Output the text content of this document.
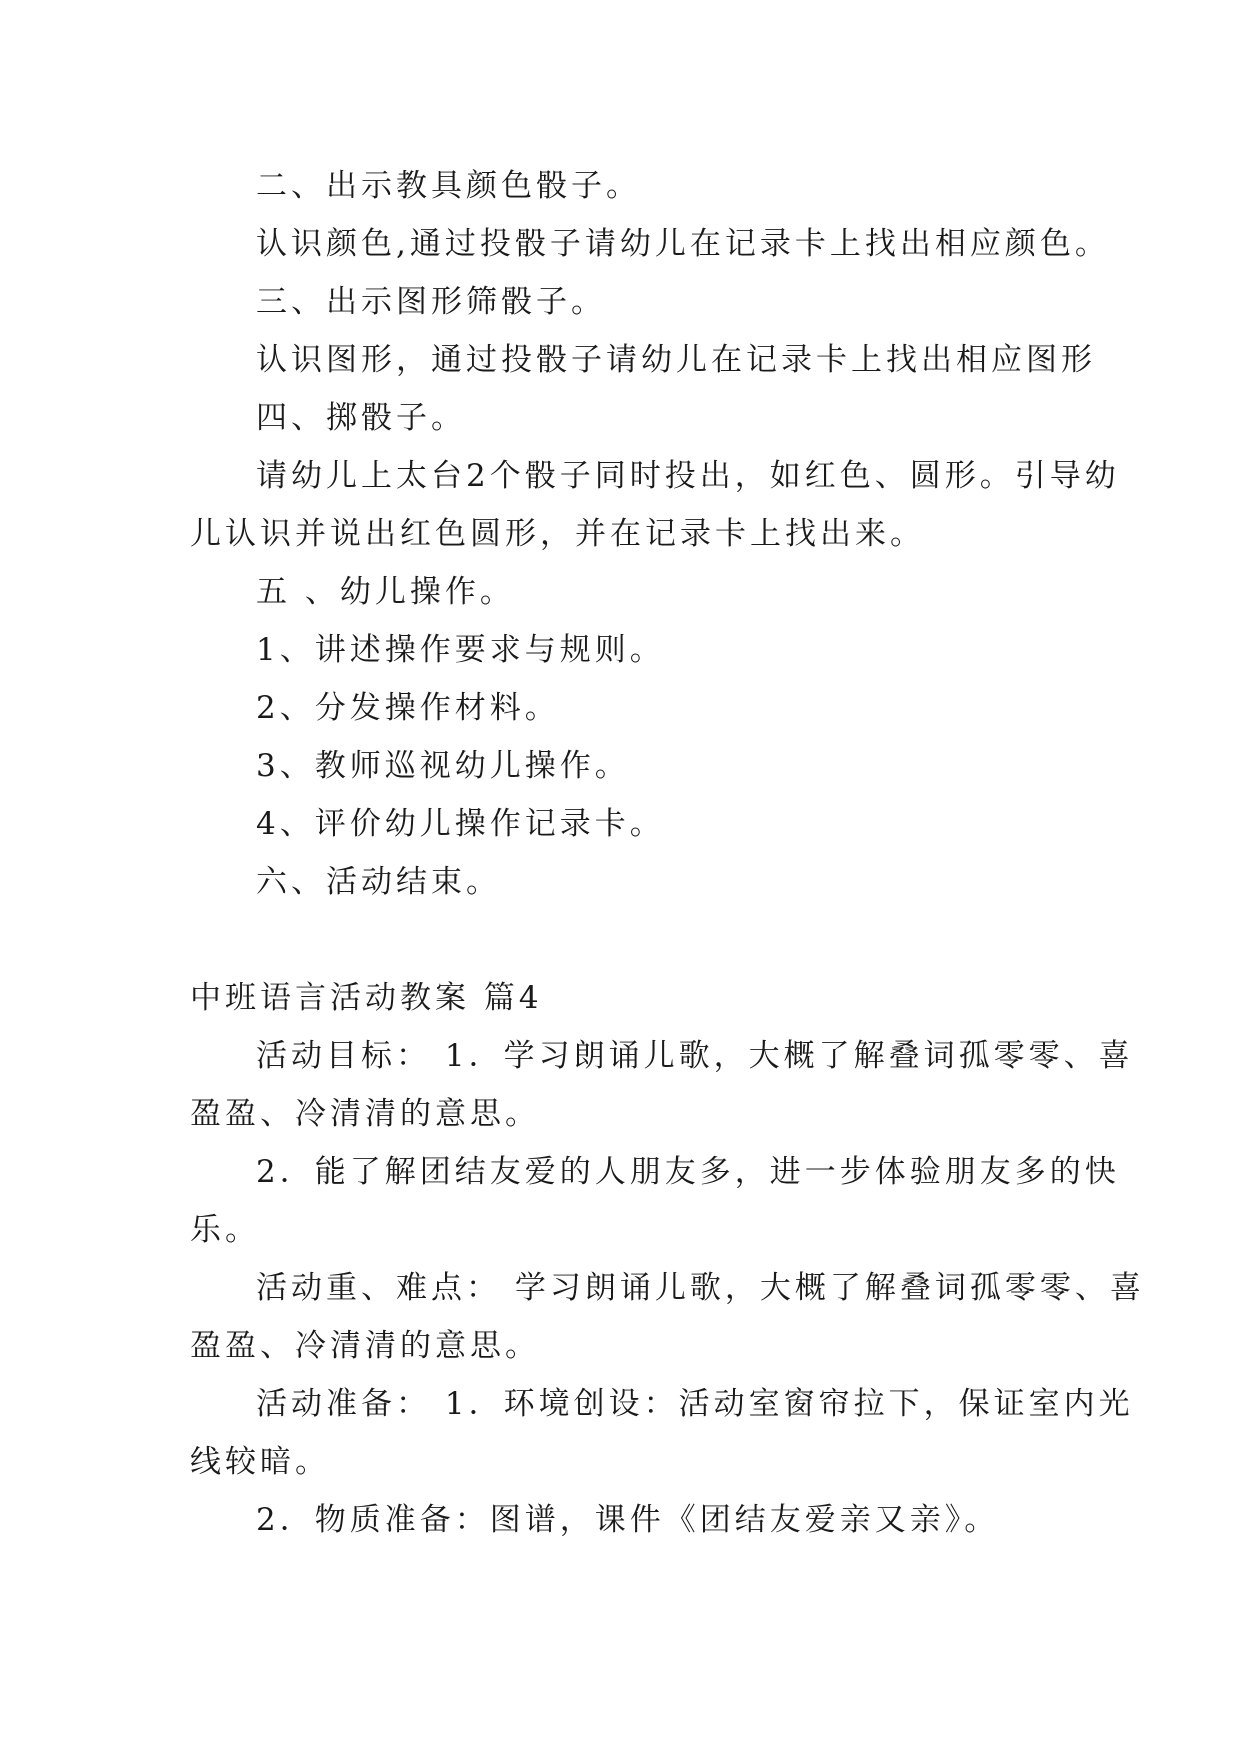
二、出示教具颜色骰子。

认识颜色,通过投骰子请幼儿在记录卡上找出相应颜色。

三、出示图形筛骰子。

认识图形，通过投骰子请幼儿在记录卡上找出相应图形

四、掷骰子。

请幼儿上太台2个骰子同时投出，如红色、圆形。引导幼儿认识并说出红色圆形，并在记录卡上找出来。

五 、幼儿操作。

1、讲述操作要求与规则。

2、分发操作材料。

3、教师巡视幼儿操作。

4、评价幼儿操作记录卡。

六、活动结束。

中班语言活动教案 篇4

活动目标： 1．学习朗诵儿歌，大概了解叠词孤零零、喜盈盈、冷清清的意思。

2．能了解团结友爱的人朋友多，进一步体验朋友多的快乐。

活动重、难点： 学习朗诵儿歌，大概了解叠词孤零零、喜盈盈、冷清清的意思。

活动准备： 1．环境创设：活动室窗帘拉下，保证室内光线较暗。

2．物质准备：图谱，课件《团结友爱亲又亲》。
